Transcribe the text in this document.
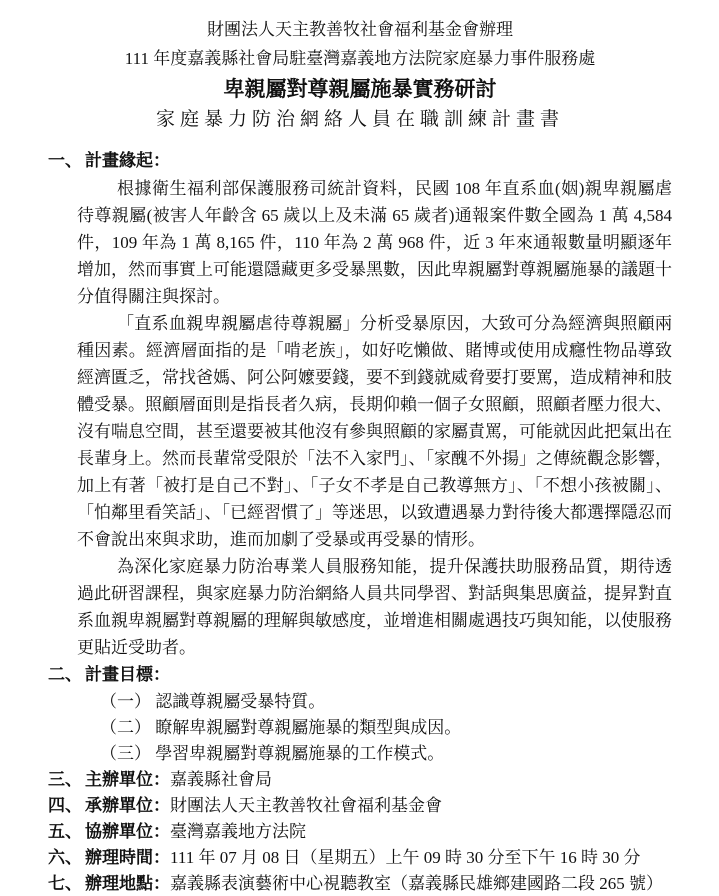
財團法人天主教善牧社會福利基金會辦理
111 年度嘉義縣社會局駐臺灣嘉義地方法院家庭暴力事件服務處
卑親屬對尊親屬施暴實務研討
家庭暴力防治網絡人員在職訓練計畫書
一、 計畫緣起：

根據衛生福利部保護服務司統計資料，民國 108 年直系血(姻)親卑親屬虐待尊親屬(被害人年齡含 65 歲以上及未滿 65 歲者)通報案件數全國為 1 萬 4,584 件，109 年為 1 萬 8,165 件，110 年為 2 萬 968 件，近 3 年來通報數量明顯逐年增加，然而事實上可能還隱藏更多受暴黑數，因此卑親屬對尊親屬施暴的議題十分值得關注與探討。

「直系血親卑親屬虐待尊親屬」分析受暴原因，大致可分為經濟與照顧兩種因素。經濟層面指的是「啃老族」，如好吃懶做、賭博或使用成癮性物品導致經濟匱乏，常找爸媽、阿公阿嬤要錢，要不到錢就威脅要打要罵，造成精神和肢體受暴。照顧層面則是指長者久病，長期仰賴一個子女照顧，照顧者壓力很大、沒有喘息空間，甚至還要被其他沒有參與照顧的家屬責罵，可能就因此把氣出在長輩身上。然而長輩常受限於「法不入家門」、「家醜不外揚」之傳統觀念影響，加上有著「被打是自己不對」、「子女不孝是自己教導無方」、「不想小孩被關」、「怕鄰里看笑話」、「已經習慣了」等迷思，以致遭遇暴力對待後大都選擇隱忍而不會說出來與求助，進而加劇了受暴或再受暴的情形。

為深化家庭暴力防治專業人員服務知能，提升保護扶助服務品質，期待透過此研習課程，與家庭暴力防治網絡人員共同學習、對話與集思廣益，提昇對直系血親卑親屬對尊親屬的理解與敏感度，並增進相關處遇技巧與知能，以使服務更貼近受助者。

二、 計畫目標：
（一） 認識尊親屬受暴特質。
（二） 瞭解卑親屬對尊親屬施暴的類型與成因。
（三） 學習卑親屬對尊親屬施暴的工作模式。
三、 主辦單位：嘉義縣社會局
四、 承辦單位：財團法人天主教善牧社會福利基金會
五、 協辦單位：臺灣嘉義地方法院
六、 辦理時間：111 年 07 月 08 日（星期五）上午 09 時 30 分至下午 16 時 30 分
七、 辦理地點：嘉義縣表演藝術中心視聽教室（嘉義縣民雄鄉建國路二段 265 號）
